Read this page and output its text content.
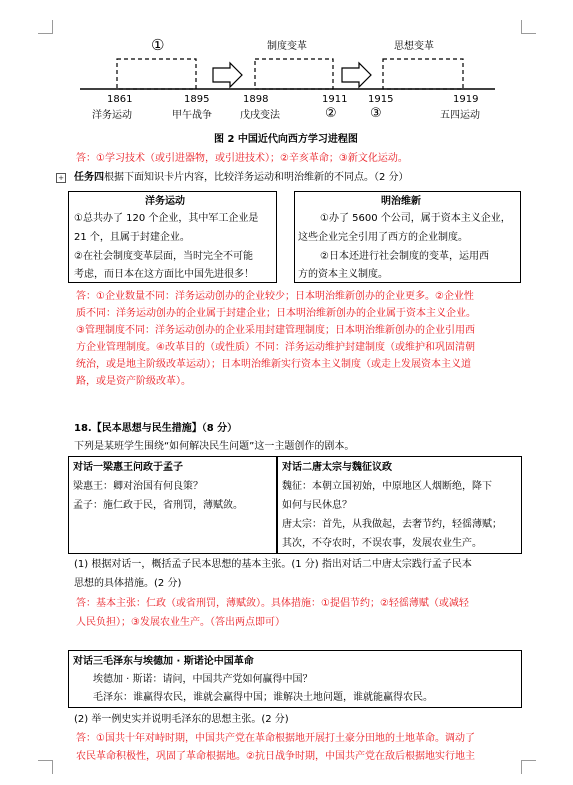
①	制度变革	思想变革
1861
洋务运动
1895
甲午战争
1898
戊戌变法
1911
②
1915
③
1919
五四运动
图 2 中国近代向西方学习进程图
答：①学习技术（或引进器物，或引进技术）；②辛亥革命；③新文化运动。
+ 任务四根据下面知识卡片内容，比较洋务运动和明治维新的不同点。（2 分）
洋务运动
①总共办了 120 个企业，其中军工企业是
21 个，且属于封建企业。
②在社会制度变革层面，当时完全不可能
考虑，而日本在这方面比中国先进很多！
明治维新
①办了 5600 个公司，属于资本主义企业，
这些企业完全引用了西方的企业制度。
②日本还进行社会制度的变革，运用西
方的资本主义制度。
答：①企业数量不同：洋务运动创办的企业较少；日本明治维新创办的企业更多。②企业性
质不同：洋务运动创办的企业属于封建企业；日本明治维新创办的企业属于资本主义企业。
③管理制度不同：洋务运动创办的企业采用封建管理制度；日本明治维新创办的企业引用西
方企业管理制度。④改革目的（或性质）不同：洋务运动维护封建制度（或维护和巩固清朝
统治，或是地主阶级改革运动）；日本明治维新实行资本主义制度（或走上发展资本主义道
路，或是资产阶级改革）。
18.【民本思想与民生措施】（8 分）
下列是某班学生围绕“如何解决民生问题”这一主题创作的剧本。
对话一梁惠王问政于孟子
梁惠王：卿对治国有何良策？
孟子：施仁政于民，省刑罚，薄赋敛。
对话二唐太宗与魏征议政
魏征：本朝立国初始，中原地区人烟断绝，降下
如何与民休息？
唐太宗：首先，从我做起，去奢节约，轻徭薄赋；
其次，不夺农时，不误农事，发展农业生产。
(1) 根据对话一，概括孟子民本思想的基本主张。(1 分) 指出对话二中唐太宗践行孟子民本
思想的具体措施。(2 分)
答：基本主张：仁政（或省刑罚，薄赋敛）。具体措施：①提倡节约；②轻徭薄赋（或减轻
人民负担）；③发展农业生产。（答出两点即可）
对话三毛泽东与埃德加 · 斯诺论中国革命
埃德加 · 斯诺：请问，中国共产党如何赢得中国？
毛泽东：谁赢得农民，谁就会赢得中国；谁解决土地问题，谁就能赢得农民。
(2) 举一例史实并说明毛泽东的思想主张。(2 分)
答：①国共十年对峙时期，中国共产党在革命根据地开展打土豪分田地的土地革命。调动了
农民革命积极性，巩固了革命根据地。②抗日战争时期，中国共产党在敌后根据地实行地主
